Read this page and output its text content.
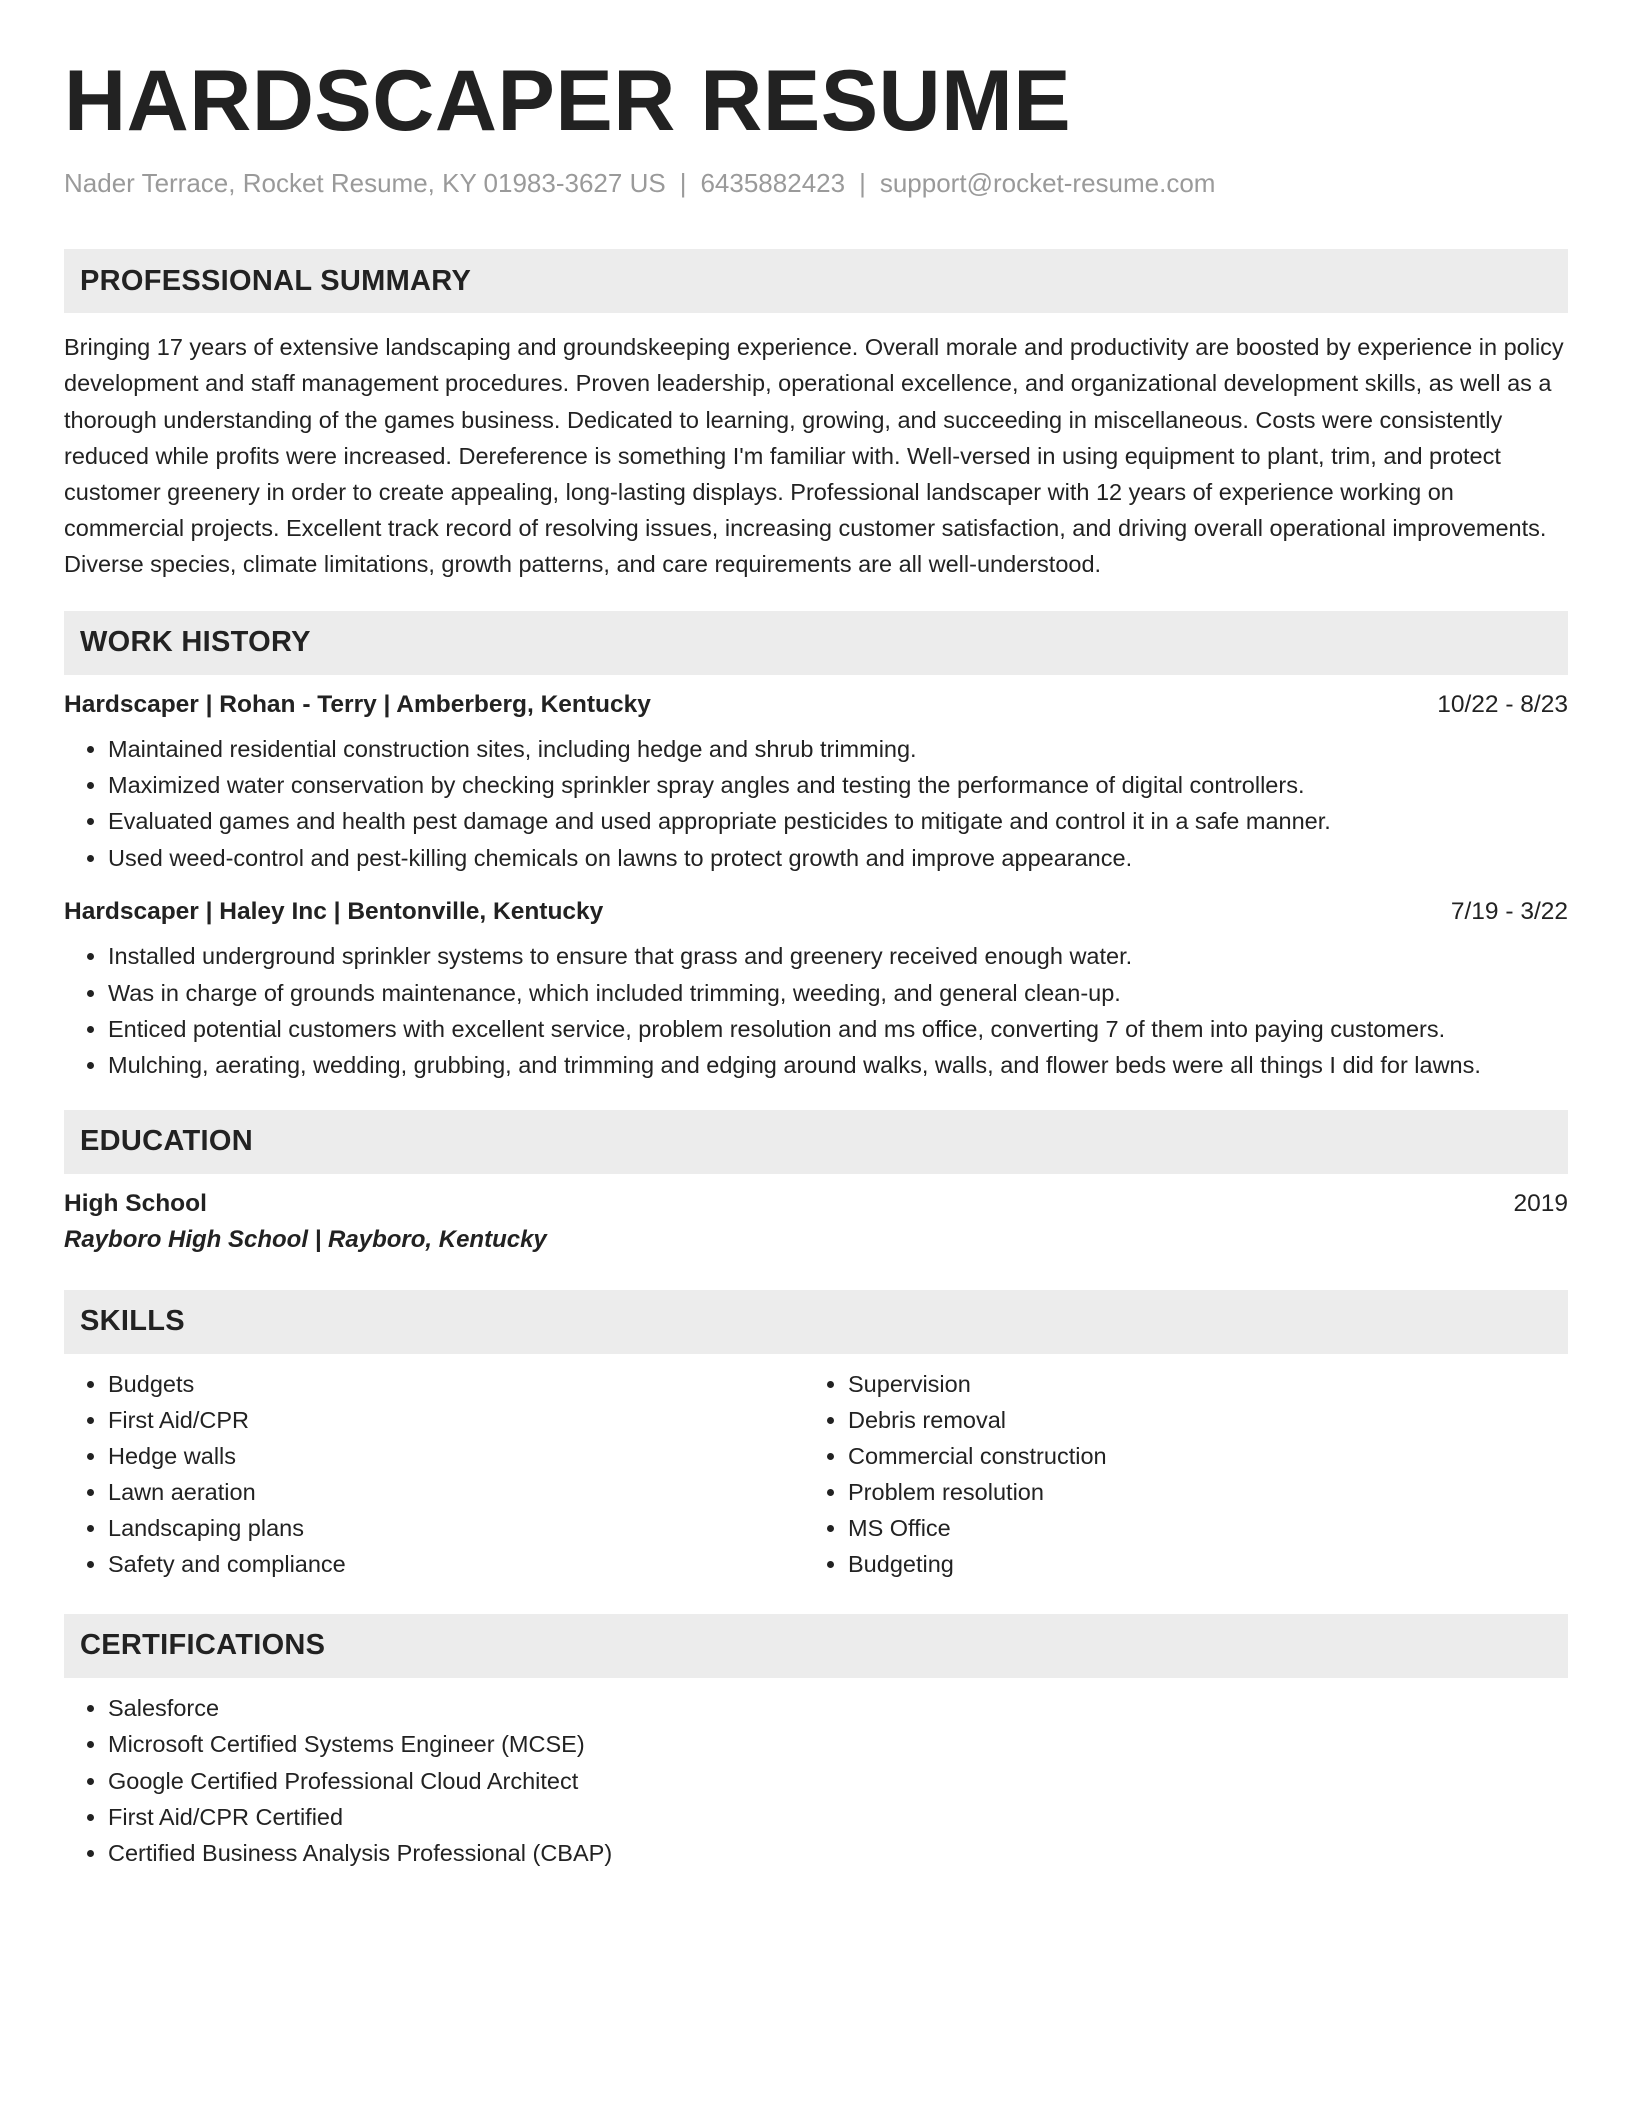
HARDSCAPER RESUME
Nader Terrace, Rocket Resume, KY 01983-3627 US | 6435882423 | support@rocket-resume.com
PROFESSIONAL SUMMARY

Bringing 17 years of extensive landscaping and groundskeeping experience. Overall morale and productivity are boosted by experience in policy development and staff management procedures. Proven leadership, operational excellence, and organizational development skills, as well as a thorough understanding of the games business. Dedicated to learning, growing, and succeeding in miscellaneous. Costs were consistently reduced while profits were increased. Dereference is something I'm familiar with. Well-versed in using equipment to plant, trim, and protect customer greenery in order to create appealing, long-lasting displays. Professional landscaper with 12 years of experience working on commercial projects. Excellent track record of resolving issues, increasing customer satisfaction, and driving overall operational improvements. Diverse species, climate limitations, growth patterns, and care requirements are all well-understood.

WORK HISTORY
Hardscaper | Rohan - Terry | Amberberg, Kentucky	10/22 - 8/23
• Maintained residential construction sites, including hedge and shrub trimming.
• Maximized water conservation by checking sprinkler spray angles and testing the performance of digital controllers.
• Evaluated games and health pest damage and used appropriate pesticides to mitigate and control it in a safe manner.
• Used weed-control and pest-killing chemicals on lawns to protect growth and improve appearance.
Hardscaper | Haley Inc | Bentonville, Kentucky	7/19 - 3/22
• Installed underground sprinkler systems to ensure that grass and greenery received enough water.
• Was in charge of grounds maintenance, which included trimming, weeding, and general clean-up.
• Enticed potential customers with excellent service, problem resolution and ms office, converting 7 of them into paying customers.
• Mulching, aerating, wedding, grubbing, and trimming and edging around walks, walls, and flower beds were all things I did for lawns.
EDUCATION
High School	2019
Rayboro High School | Rayboro, Kentucky
SKILLS
• Budgets
• First Aid/CPR
• Hedge walls
• Lawn aeration
• Landscaping plans
• Safety and compliance
• Supervision
• Debris removal
• Commercial construction
• Problem resolution
• MS Office
• Budgeting
CERTIFICATIONS
• Salesforce
• Microsoft Certified Systems Engineer (MCSE)
• Google Certified Professional Cloud Architect
• First Aid/CPR Certified
• Certified Business Analysis Professional (CBAP)
